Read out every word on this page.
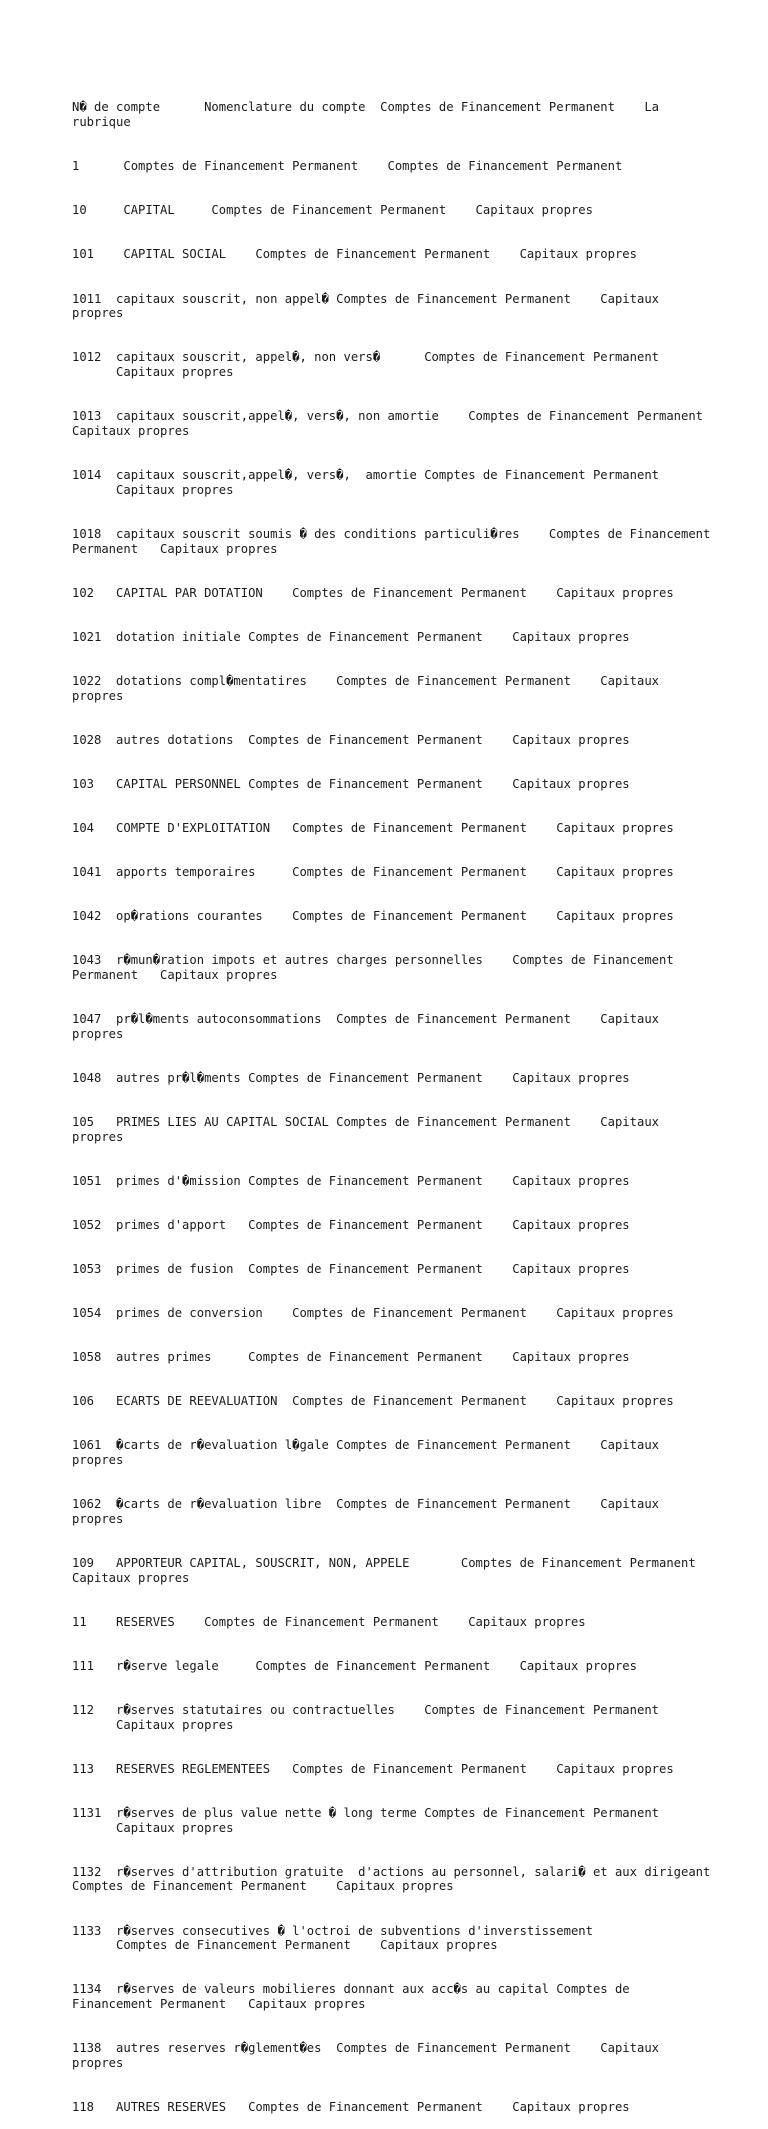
N� de compte      Nomenclature du compte  Comptes de Financement Permanent    La rubrique

1      Comptes de Financement Permanent    Comptes de Financement Permanent

10     CAPITAL     Comptes de Financement Permanent    Capitaux propres

101    CAPITAL SOCIAL    Comptes de Financement Permanent    Capitaux propres

1011  capitaux souscrit, non appel� Comptes de Financement Permanent    Capitaux propres

1012  capitaux souscrit, appel�, non vers�      Comptes de Financement Permanent
Capitaux propres

1013  capitaux souscrit,appel�, vers�, non amortie    Comptes de Financement Permanent   Capitaux propres

1014  capitaux souscrit,appel�, vers�,  amortie Comptes de Financement Permanent
Capitaux propres

1018  capitaux souscrit soumis � des conditions particuli�res    Comptes de Financement Permanent   Capitaux propres

102   CAPITAL PAR DOTATION    Comptes de Financement Permanent    Capitaux propres

1021  dotation initiale Comptes de Financement Permanent    Capitaux propres

1022  dotations compl�mentatires    Comptes de Financement Permanent    Capitaux propres

1028  autres dotations  Comptes de Financement Permanent    Capitaux propres

103   CAPITAL PERSONNEL Comptes de Financement Permanent    Capitaux propres

104   COMPTE D'EXPLOITATION   Comptes de Financement Permanent    Capitaux propres

1041  apports temporaires     Comptes de Financement Permanent    Capitaux propres

1042  op�rations courantes    Comptes de Financement Permanent    Capitaux propres

1043  r�mun�ration impots et autres charges personnelles    Comptes de Financement Permanent   Capitaux propres

1047  pr�l�ments autoconsommations  Comptes de Financement Permanent    Capitaux propres

1048  autres pr�l�ments Comptes de Financement Permanent    Capitaux propres

105   PRIMES LIES AU CAPITAL SOCIAL Comptes de Financement Permanent    Capitaux propres

1051  primes d'�mission Comptes de Financement Permanent    Capitaux propres

1052  primes d'apport   Comptes de Financement Permanent    Capitaux propres

1053  primes de fusion  Comptes de Financement Permanent    Capitaux propres

1054  primes de conversion    Comptes de Financement Permanent    Capitaux propres

1058  autres primes     Comptes de Financement Permanent    Capitaux propres

106   ECARTS DE REEVALUATION  Comptes de Financement Permanent    Capitaux propres

1061  �carts de r�evaluation l�gale Comptes de Financement Permanent    Capitaux propres

1062  �carts de r�evaluation libre  Comptes de Financement Permanent    Capitaux propres

109   APPORTEUR CAPITAL, SOUSCRIT, NON, APPELE       Comptes de Financement Permanent   Capitaux propres

11    RESERVES    Comptes de Financement Permanent    Capitaux propres

111   r�serve legale     Comptes de Financement Permanent    Capitaux propres

112   r�serves statutaires ou contractuelles    Comptes de Financement Permanent
Capitaux propres

113   RESERVES REGLEMENTEES   Comptes de Financement Permanent    Capitaux propres

1131  r�serves de plus value nette � long terme Comptes de Financement Permanent
Capitaux propres

1132  r�serves d'attribution gratuite  d'actions au personnel, salari� et aux dirigeant   Comptes de Financement Permanent    Capitaux propres

1133  r�serves consecutives � l'octroi de subventions d'inverstissement
Comptes de Financement Permanent    Capitaux propres

1134  r�serves de valeurs mobilieres donnant aux acc�s au capital Comptes de Financement Permanent   Capitaux propres

1138  autres reserves r�glement�es  Comptes de Financement Permanent    Capitaux propres

118   AUTRES RESERVES   Comptes de Financement Permanent    Capitaux propres
